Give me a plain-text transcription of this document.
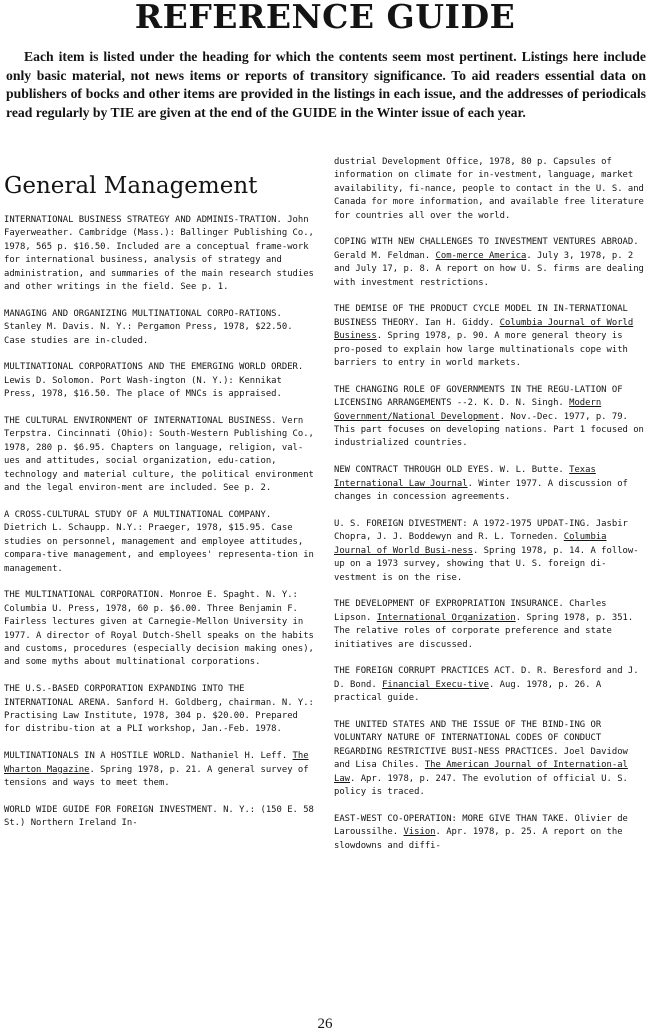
REFERENCE GUIDE
Each item is listed under the heading for which the contents seem most pertinent. Listings here include only basic material, not news items or reports of transitory significance. To aid readers essential data on publishers of bocks and other items are provided in the listings in each issue, and the addresses of periodicals read regularly by TIE are given at the end of the GUIDE in the Winter issue of each year.
General Management
INTERNATIONAL BUSINESS STRATEGY AND ADMINIS-TRATION. John Fayerweather. Cambridge (Mass.): Ballinger Publishing Co., 1978, 565 p. $16.50. Included are a conceptual frame-work for international business, analysis of strategy and administration, and summaries of the main research studies and other writings in the field. See p. 1.
MANAGING AND ORGANIZING MULTINATIONAL CORPO-RATIONS. Stanley M. Davis. N. Y.: Pergamon Press, 1978, $22.50. Case studies are in-cluded.
MULTINATIONAL CORPORATIONS AND THE EMERGING WORLD ORDER. Lewis D. Solomon. Port Wash-ington (N. Y.): Kennikat Press, 1978, $16.50. The place of MNCs is appraised.
THE CULTURAL ENVIRONMENT OF INTERNATIONAL BUSINESS. Vern Terpstra. Cincinnati (Ohio): South-Western Publishing Co., 1978, 280 p. $6.95. Chapters on language, religion, val-ues and attitudes, social organization, edu-cation, technology and material culture, the political environment and the legal environ-ment are included. See p. 2.
A CROSS-CULTURAL STUDY OF A MULTINATIONAL COMPANY. Dietrich L. Schaupp. N.Y.: Praeger, 1978, $15.95. Case studies on personnel, management and employee attitudes, compara-tive management, and employees' representa-tion in management.
THE MULTINATIONAL CORPORATION. Monroe E. Spaght. N. Y.: Columbia U. Press, 1978, 60 p. $6.00. Three Benjamin F. Fairless lectures given at Carnegie-Mellon University in 1977. A director of Royal Dutch-Shell speaks on the habits and customs, procedures (especially decision making ones), and some myths about multinational corporations.
THE U.S.-BASED CORPORATION EXPANDING INTO THE INTERNATIONAL ARENA. Sanford H. Goldberg, chairman. N. Y.: Practising Law Institute, 1978, 304 p. $20.00. Prepared for distribu-tion at a PLI workshop, Jan.-Feb. 1978.
MULTINATIONALS IN A HOSTILE WORLD. Nathaniel H. Leff. The Wharton Magazine. Spring 1978, p. 21. A general survey of tensions and ways to meet them.
WORLD WIDE GUIDE FOR FOREIGN INVESTMENT. N. Y.: (150 E. 58 St.) Northern Ireland In-
dustrial Development Office, 1978, 80 p. Capsules of information on climate for in-vestment, language, market availability, fi-nance, people to contact in the U. S. and Canada for more information, and available free literature for countries all over the world.
COPING WITH NEW CHALLENGES TO INVESTMENT VENTURES ABROAD. Gerald M. Feldman. Com-merce America. July 3, 1978, p. 2 and July 17, p. 8. A report on how U. S. firms are dealing with investment restrictions.
THE DEMISE OF THE PRODUCT CYCLE MODEL IN IN-TERNATIONAL BUSINESS THEORY. Ian H. Giddy. Columbia Journal of World Business. Spring 1978, p. 90. A more general theory is pro-posed to explain how large multinationals cope with barriers to entry in world markets.
THE CHANGING ROLE OF GOVERNMENTS IN THE REGU-LATION OF LICENSING ARRANGEMENTS --2. K. D. N. Singh. Modern Government/National Development. Nov.-Dec. 1977, p. 79. This part focuses on developing nations. Part 1 focused on industrialized countries.
NEW CONTRACT THROUGH OLD EYES. W. L. Butte. Texas International Law Journal. Winter 1977. A discussion of changes in concession agreements.
U. S. FOREIGN DIVESTMENT: A 1972-1975 UPDAT-ING. Jasbir Chopra, J. J. Boddewyn and R. L. Torneden. Columbia Journal of World Busi-ness. Spring 1978, p. 14. A follow-up on a 1973 survey, showing that U. S. foreign di-vestment is on the rise.
THE DEVELOPMENT OF EXPROPRIATION INSURANCE. Charles Lipson. International Organization. Spring 1978, p. 351. The relative roles of corporate preference and state initiatives are discussed.
THE FOREIGN CORRUPT PRACTICES ACT. D. R. Beresford and J. D. Bond. Financial Execu-tive. Aug. 1978, p. 26. A practical guide.
THE UNITED STATES AND THE ISSUE OF THE BIND-ING OR VOLUNTARY NATURE OF INTERNATIONAL CODES OF CONDUCT REGARDING RESTRICTIVE BUSI-NESS PRACTICES. Joel Davidow and Lisa Chiles. The American Journal of Internation-al Law. Apr. 1978, p. 247. The evolution of official U. S. policy is traced.
EAST-WEST CO-OPERATION: MORE GIVE THAN TAKE. Olivier de Laroussilhe. Vision. Apr. 1978, p. 25. A report on the slowdowns and diffi-
26
